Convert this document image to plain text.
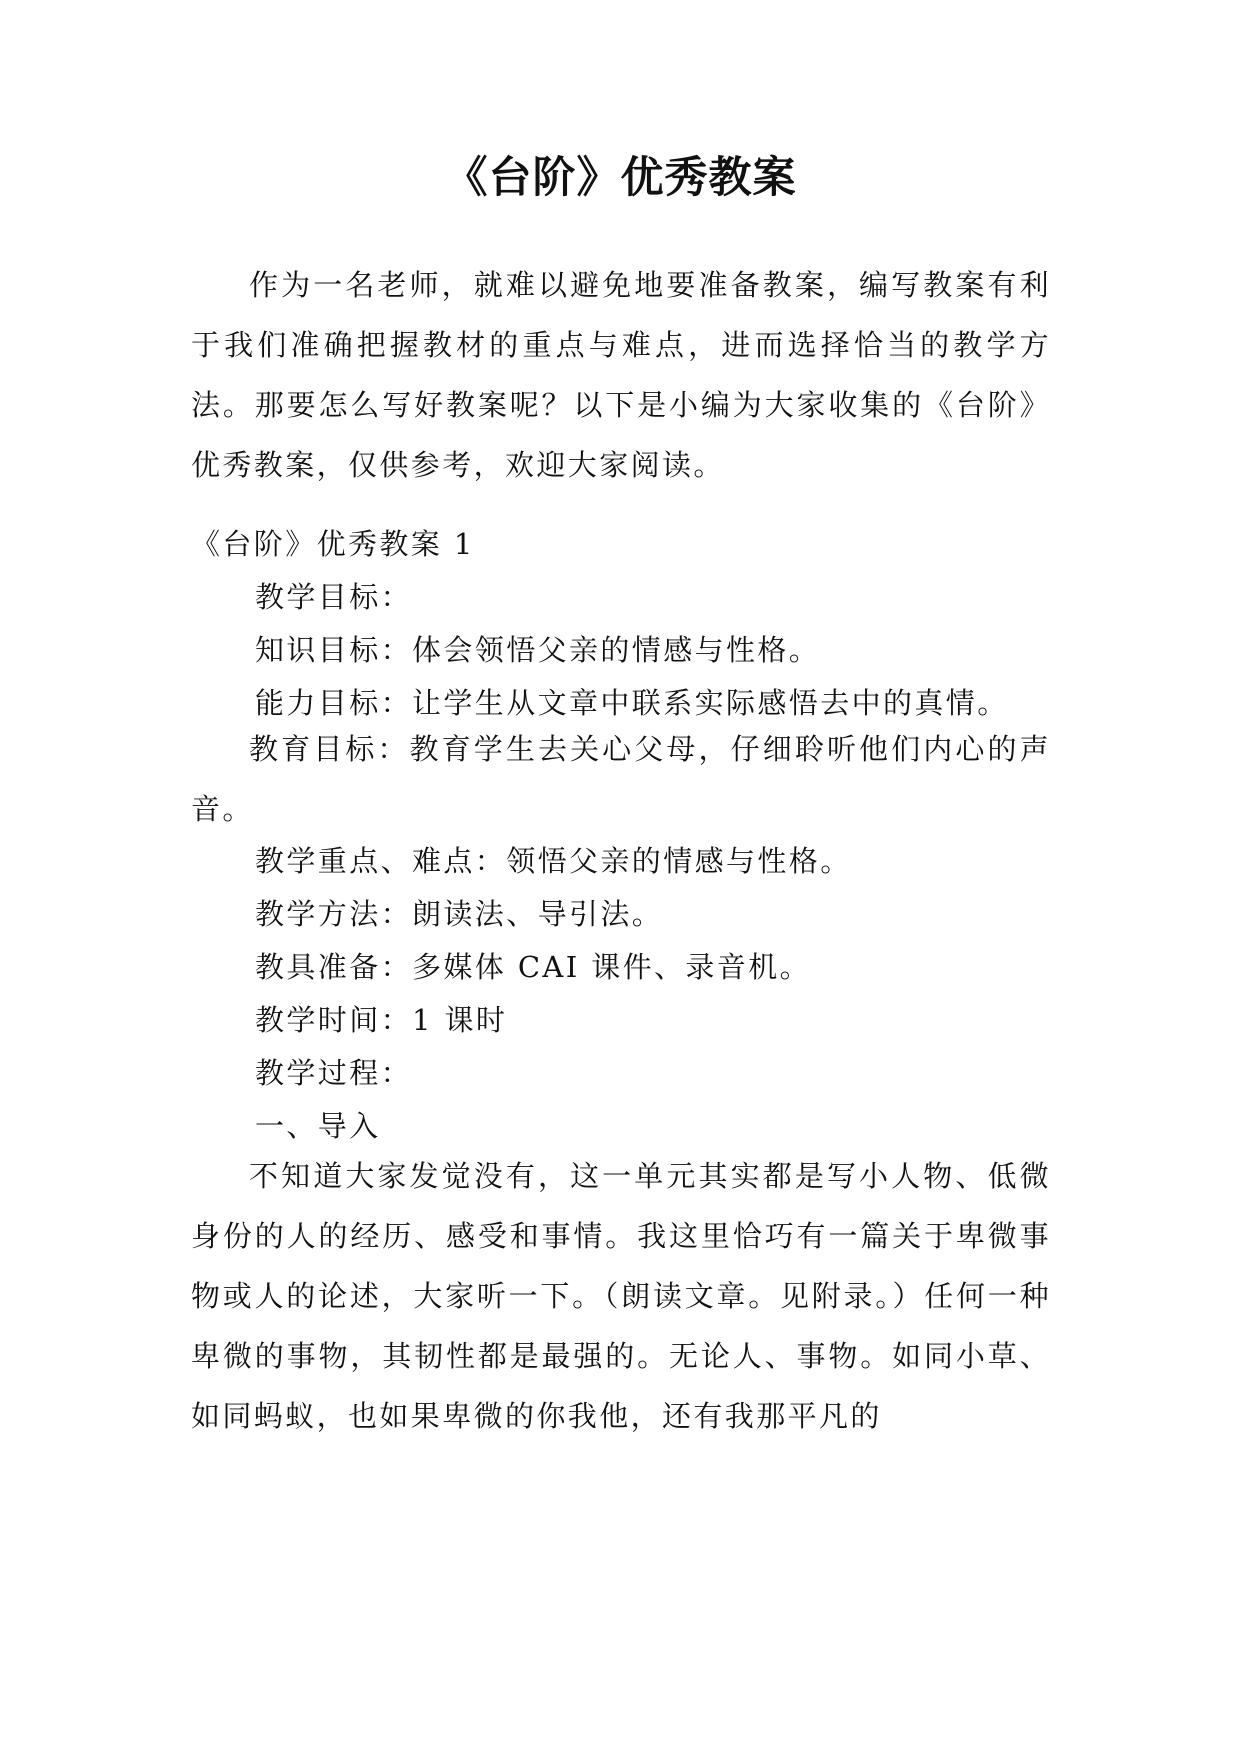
《台阶》优秀教案
作为一名老师，就难以避免地要准备教案，编写教案有利于我们准确把握教材的重点与难点，进而选择恰当的教学方法。那要怎么写好教案呢？以下是小编为大家收集的《台阶》优秀教案，仅供参考，欢迎大家阅读。
《台阶》优秀教案 1
教学目标：
知识目标：体会领悟父亲的情感与性格。
能力目标：让学生从文章中联系实际感悟去中的真情。
教育目标：教育学生去关心父母，仔细聆听他们内心的声音。
教学重点、难点：领悟父亲的情感与性格。
教学方法：朗读法、导引法。
教具准备：多媒体 CAI 课件、录音机。
教学时间：1 课时
教学过程：
一、导入
不知道大家发觉没有，这一单元其实都是写小人物、低微身份的人的经历、感受和事情。我这里恰巧有一篇关于卑微事物或人的论述，大家听一下。（朗读文章。见附录。）任何一种卑微的事物，其韧性都是最强的。无论人、事物。如同小草、如同蚂蚁，也如果卑微的你我他，还有我那平凡的
